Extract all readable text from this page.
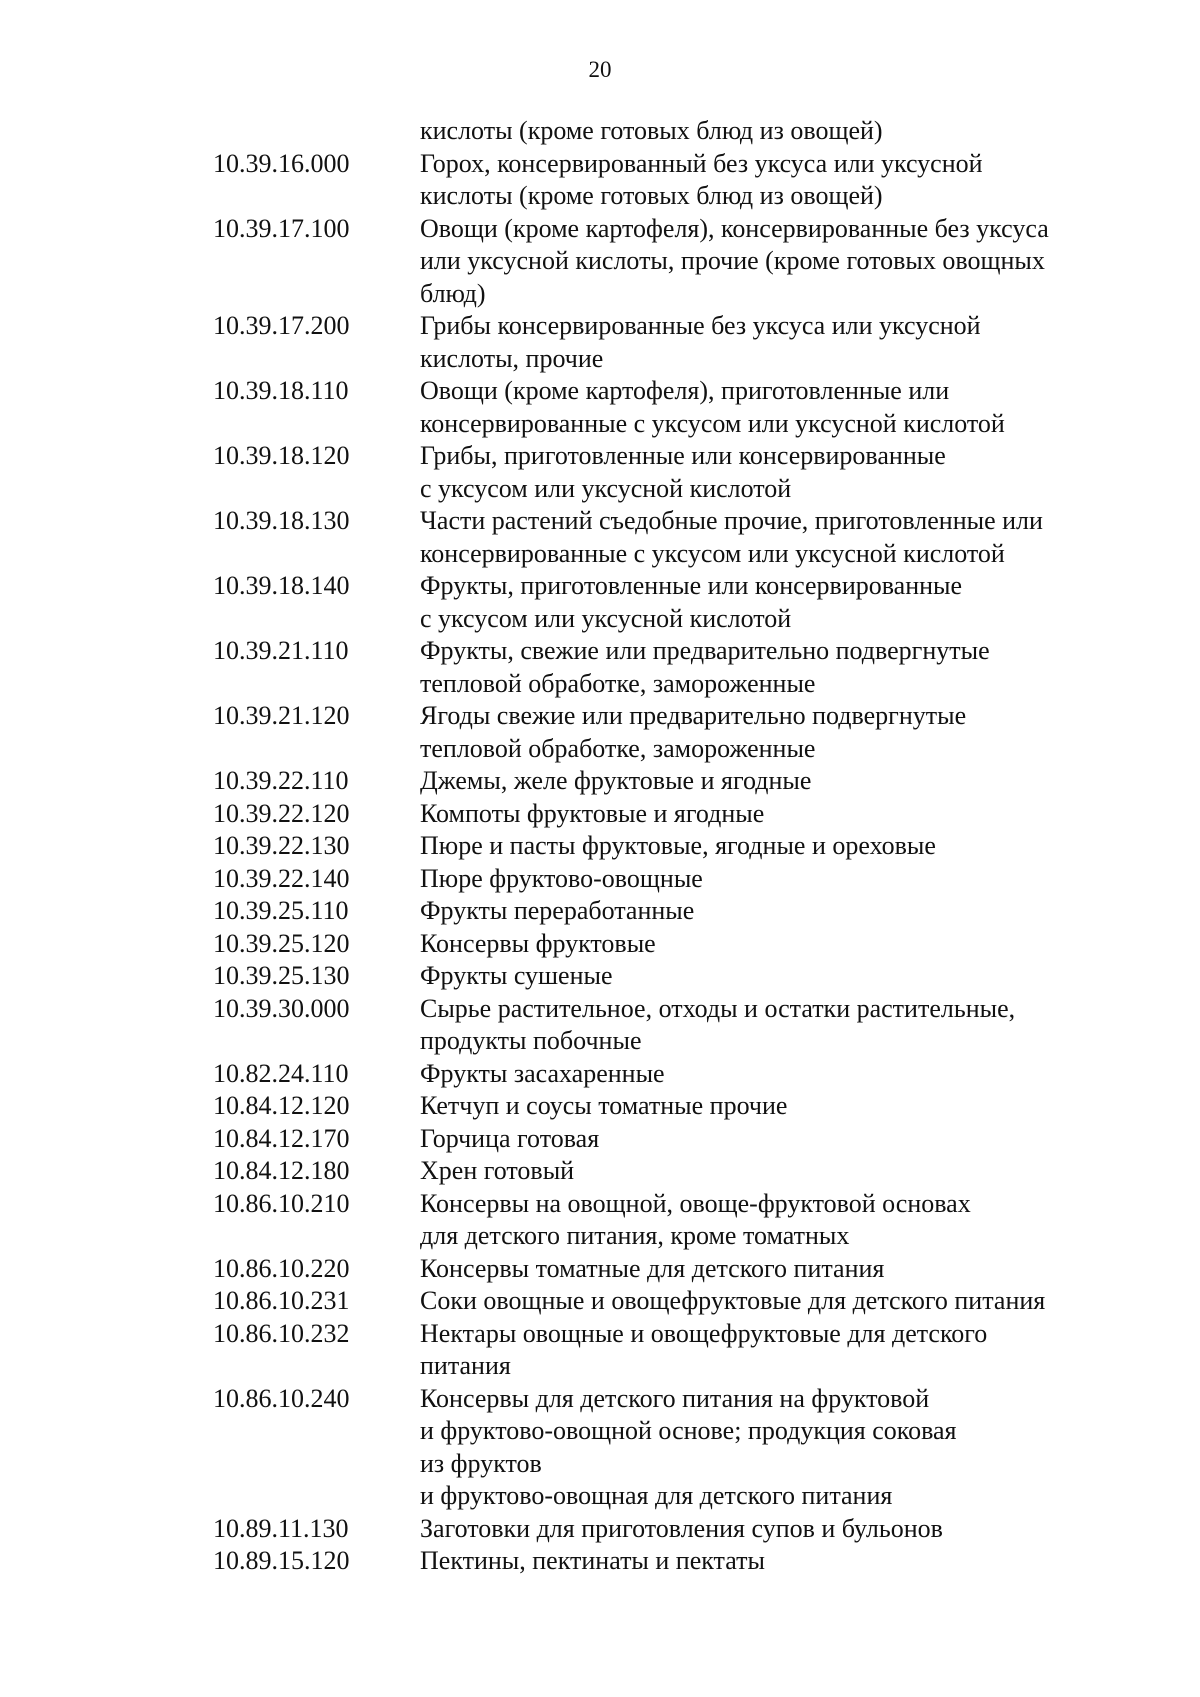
20
кислоты (кроме готовых блюд из овощей)
10.39.16.000	Горох, консервированный без уксуса или уксусной
кислоты (кроме готовых блюд из овощей)
10.39.17.100	Овощи (кроме картофеля), консервированные без уксуса
или уксусной кислоты, прочие (кроме готовых овощных
блюд)
10.39.17.200	Грибы консервированные без уксуса или уксусной
кислоты, прочие
10.39.18.110	Овощи (кроме картофеля), приготовленные или
консервированные с уксусом или уксусной кислотой
10.39.18.120	Грибы, приготовленные или консервированные
с уксусом или уксусной кислотой
10.39.18.130	Части растений съедобные прочие, приготовленные или
консервированные с уксусом или уксусной кислотой
10.39.18.140	Фрукты, приготовленные или консервированные
с уксусом или уксусной кислотой
10.39.21.110	Фрукты, свежие или предварительно подвергнутые
тепловой обработке, замороженные
10.39.21.120	Ягоды свежие или предварительно подвергнутые
тепловой обработке, замороженные
10.39.22.110	Джемы, желе фруктовые и ягодные
10.39.22.120	Компоты фруктовые и ягодные
10.39.22.130	Пюре и пасты фруктовые, ягодные и ореховые
10.39.22.140	Пюре фруктово-овощные
10.39.25.110	Фрукты переработанные
10.39.25.120	Консервы фруктовые
10.39.25.130	Фрукты сушеные
10.39.30.000	Сырье растительное, отходы и остатки растительные,
продукты побочные
10.82.24.110	Фрукты засахаренные
10.84.12.120	Кетчуп и соусы томатные прочие
10.84.12.170	Горчица готовая
10.84.12.180	Хрен готовый
10.86.10.210	Консервы на овощной, овоще-фруктовой основах
для детского питания, кроме томатных
10.86.10.220	Консервы томатные для детского питания
10.86.10.231	Соки овощные и овощефруктовые для детского питания
10.86.10.232	Нектары овощные и овощефруктовые для детского
питания
10.86.10.240	Консервы для детского питания на фруктовой
и фруктово-овощной основе; продукция соковая
из фруктов
и фруктово-овощная для детского питания
10.89.11.130	Заготовки для приготовления супов и бульонов
10.89.15.120	Пектины, пектинаты и пектаты
